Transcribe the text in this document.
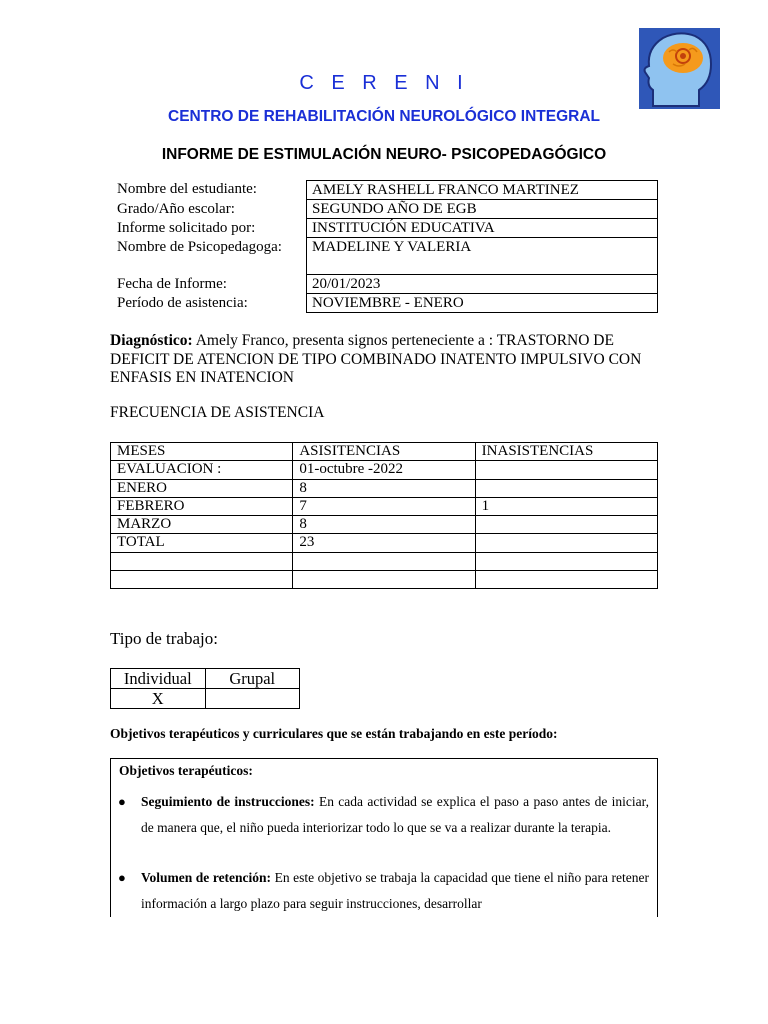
C E R E N I
CENTRO DE REHABILITACIÓN NEUROLÓGICO INTEGRAL
INFORME DE ESTIMULACIÓN NEURO- PSICOPEDAGÓGICO
Nombre del estudiante:	AMELY RASHELL FRANCO MARTINEZ
Grado/Año escolar:	SEGUNDO AÑO DE EGB
Informe solicitado por:	INSTITUCIÓN EDUCATIVA
Nombre de Psicopedagoga:	MADELINE Y VALERIA
Fecha de Informe:	20/01/2023
Período de asistencia:	NOVIEMBRE - ENERO
Diagnóstico: Amely Franco, presenta signos perteneciente a : TRASTORNO DE DEFICIT DE ATENCION DE TIPO COMBINADO INATENTO IMPULSIVO CON ENFASIS EN INATENCION
FRECUENCIA DE ASISTENCIA
MESES	ASISITENCIAS	INASISTENCIAS
EVALUACION :	01-octubre -2022	
ENERO	8	
FEBRERO	7	1
MARZO	8	
TOTAL	23	

Tipo de trabajo:
Individual	Grupal
X	
Objetivos terapéuticos y curriculares que se están trabajando en este período:
Objetivos terapéuticos:
● Seguimiento de instrucciones: En cada actividad se explica el paso a paso antes de iniciar, de manera que, el niño pueda interiorizar todo lo que se va a realizar durante la terapia.
● Volumen de retención: En este objetivo se trabaja la capacidad que tiene el niño para retener información a largo plazo para seguir instrucciones, desarrollar
